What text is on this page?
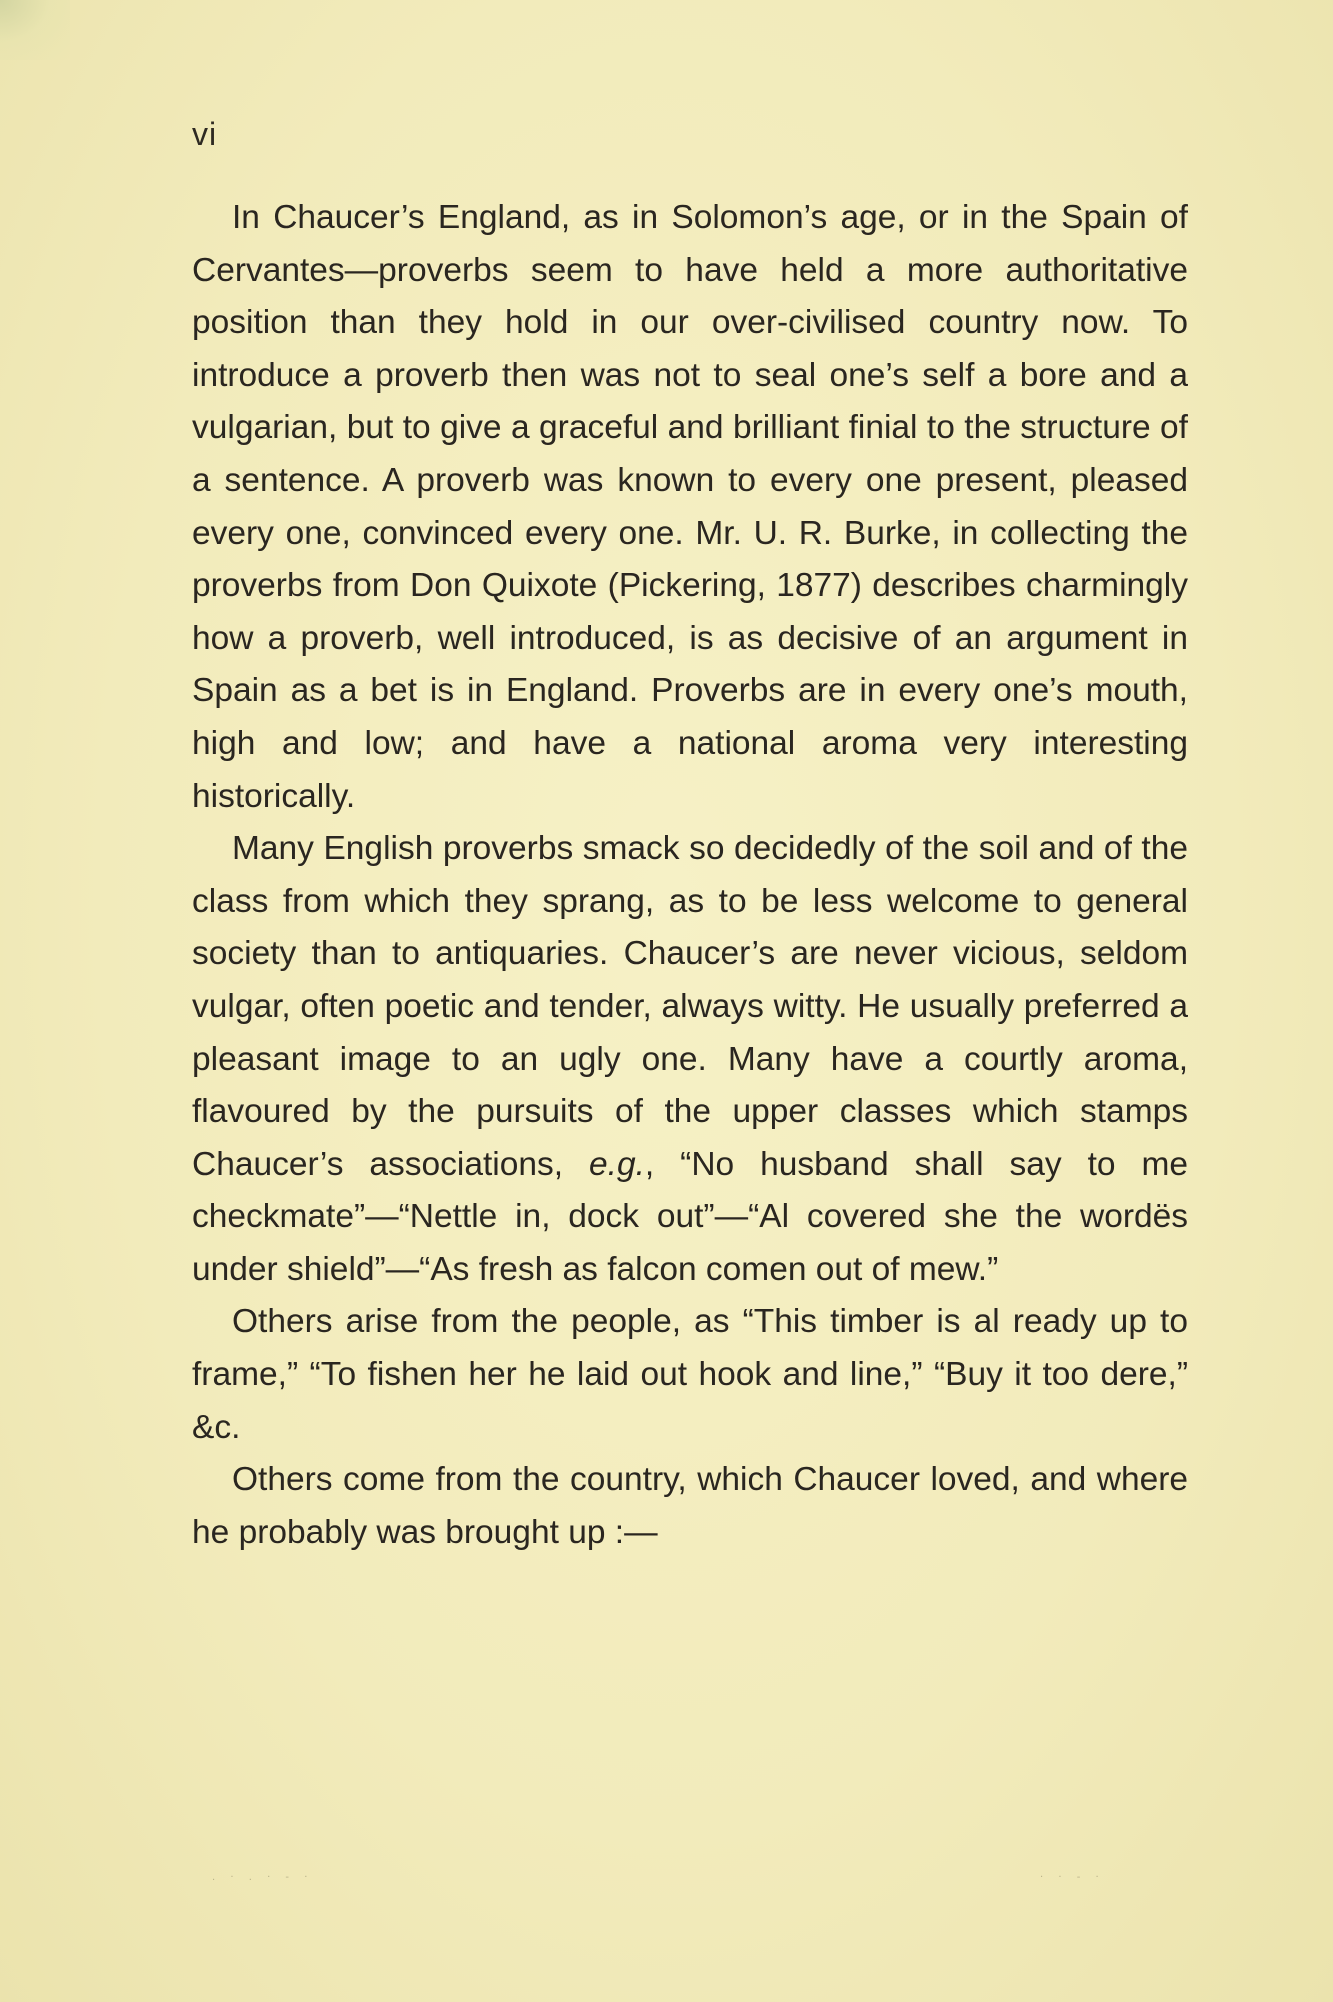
vi

In Chaucer’s England, as in Solomon’s age, or in the Spain of Cervantes—proverbs seem to have held a more authoritative position than they hold in our over-civilised country now. To introduce a proverb then was not to seal one’s self a bore and a vulgarian, but to give a graceful and brilliant finial to the structure of a sentence. A proverb was known to every one present, pleased every one, convinced every one. Mr. U. R. Burke, in collecting the proverbs from Don Quixote (Pickering, 1877) describes charmingly how a proverb, well introduced, is as decisive of an argument in Spain as a bet is in England. Proverbs are in every one’s mouth, high and low; and have a national aroma very interesting historically.

Many English proverbs smack so decidedly of the soil and of the class from which they sprang, as to be less welcome to general society than to antiquaries. Chaucer’s are never vicious, seldom vulgar, often poetic and tender, always witty. He usually preferred a pleasant image to an ugly one. Many have a courtly aroma, flavoured by the pursuits of the upper classes which stamps Chaucer’s associations, e.g., “No husband shall say to me checkmate”—“Nettle in, dock out”—“Al covered she the wordës under shield”—“As fresh as falcon comen out of mew.”

Others arise from the people, as “This timber is al ready up to frame,” “To fishen her he laid out hook and line,” “Buy it too dere,” &c.

Others come from the country, which Chaucer loved, and where he probably was brought up :—

. · . · - ·	· · - ·
